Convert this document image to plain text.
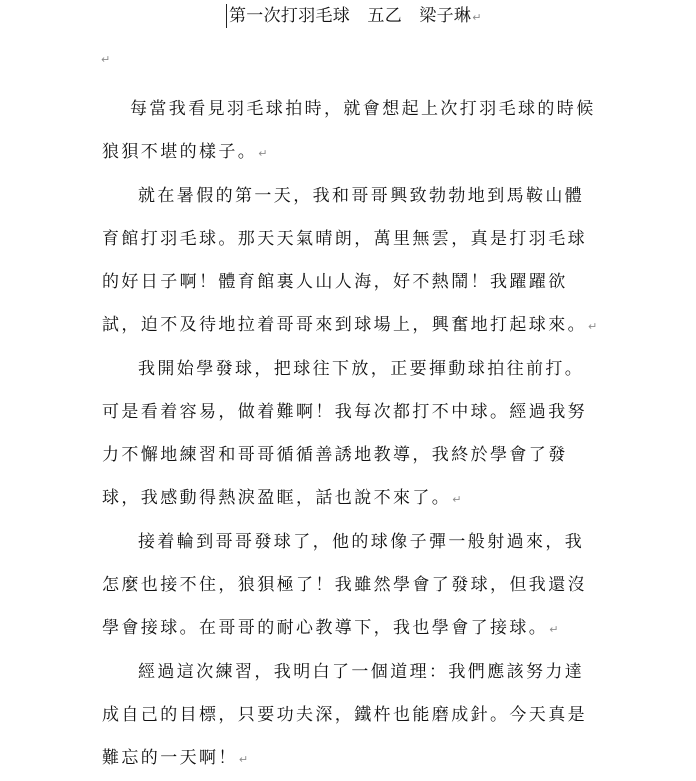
第一次打羽毛球　五乙　梁子琳↵
↵

每當我看見羽毛球拍時，就會想起上次打羽毛球的時候狼狽不堪的樣子。↵

就在暑假的第一天，我和哥哥興致勃勃地到馬鞍山體育館打羽毛球。那天天氣晴朗，萬里無雲，真是打羽毛球的好日子啊！體育館裏人山人海，好不熱鬧！我躍躍欲試，迫不及待地拉着哥哥來到球場上，興奮地打起球來。↵

我開始學發球，把球往下放，正要揮動球拍往前打。可是看着容易，做着難啊！我每次都打不中球。經過我努力不懈地練習和哥哥循循善誘地教導，我終於學會了發球，我感動得熱淚盈眶，話也說不來了。↵

接着輪到哥哥發球了，他的球像子彈一般射過來，我怎麼也接不住，狼狽極了！我雖然學會了發球，但我還沒學會接球。在哥哥的耐心教導下，我也學會了接球。↵

經過這次練習，我明白了一個道理：我們應該努力達成自己的目標，只要功夫深，鐵杵也能磨成針。今天真是難忘的一天啊！↵
